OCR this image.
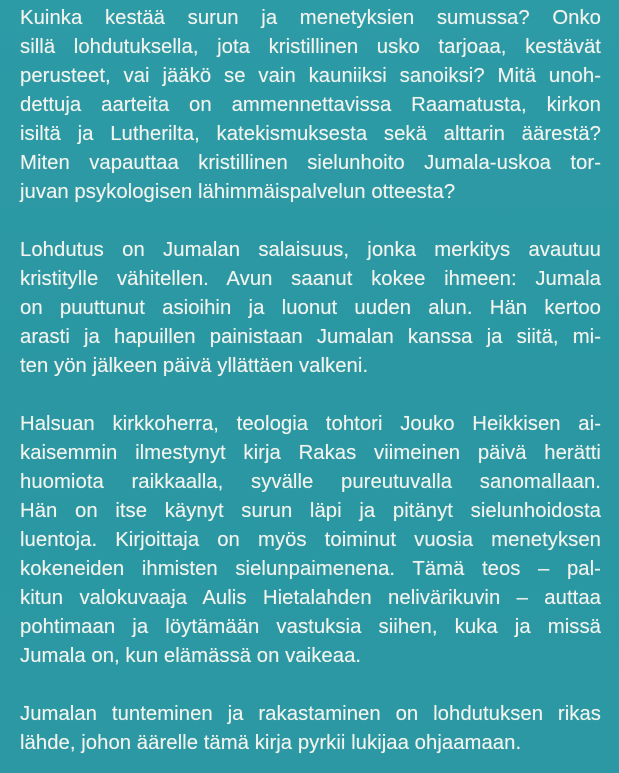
Kuinka kestää surun ja menetyksien sumussa? Onko
sillä lohdutuksella, jota kristillinen usko tarjoaa, kestävät
perusteet, vai jääkö se vain kauniiksi sanoiksi? Mitä unoh-
dettuja aarteita on ammennettavissa Raamatusta, kirkon
isiltä ja Lutherilta, katekismuksesta sekä alttarin äärestä?
Miten vapauttaa kristillinen sielunhoito Jumala-uskoa tor-
juvan psykologisen lähimmäispalvelun otteesta?
Lohdutus on Jumalan salaisuus, jonka merkitys avautuu
kristitylle vähitellen. Avun saanut kokee ihmeen: Jumala
on puuttunut asioihin ja luonut uuden alun. Hän kertoo
arasti ja hapuillen painistaan Jumalan kanssa ja siitä, mi-
ten yön jälkeen päivä yllättäen valkeni.
Halsuan kirkkoherra, teologia tohtori Jouko Heikkisen ai-
kaisemmin ilmestynyt kirja Rakas viimeinen päivä herätti
huomiota raikkaalla, syvälle pureutuvalla sanomallaan.
Hän on itse käynyt surun läpi ja pitänyt sielunhoidosta
luentoja. Kirjoittaja on myös toiminut vuosia menetyksen
kokeneiden ihmisten sielunpaimenena. Tämä teos – pal-
kitun valokuvaaja Aulis Hietalahden nelivärikuvin – auttaa
pohtimaan ja löytämään vastuksia siihen, kuka ja missä
Jumala on, kun elämässä on vaikeaa.
Jumalan tunteminen ja rakastaminen on lohdutuksen rikas
lähde, johon äärelle tämä kirja pyrkii lukijaa ohjaamaan.
